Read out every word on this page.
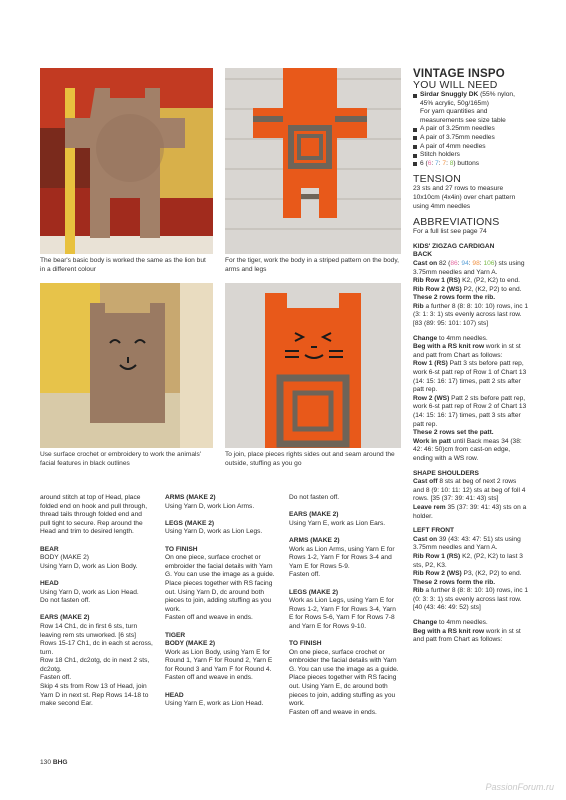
The bear's basic body is worked the same as the lion but in a different colour
For the tiger, work the body in a striped pattern on the body, arms and legs
Use surface crochet or embroidery to work the animals' facial features in black outlines
To join, place pieces rights sides out and seam around the outside, stuffing as you go

around stitch at top of Head, place folded end on hook and pull through, thread tails through folded end and pull tight to secure. Rep around the Head and trim to desired length.

BEAR
BODY (MAKE 2)

Using Yarn D, work as Lion Body.

HEAD
Using Yarn D, work as Lion Head.

Do not fasten off.

EARS (MAKE 2)
Row 14 Ch1, dc in first 6 sts, turn leaving rem sts unworked. [6 sts] Rows 15-17 Ch1, dc in each st across, turn.
Row 18 Ch1, dc2otg, dc in next 2 sts, dc2otg.
Fasten off.
Skip 4 sts from Row 13 of Head, join Yarn D in next st. Rep Rows 14-18 to make second Ear.
ARMS (MAKE 2)

Using Yarn D, work Lion Arms.

LEGS (MAKE 2)

Using Yarn D, work as Lion Legs.

TO FINISH
On one piece, surface crochet or embroider the facial details with Yarn G. You can use the image as a guide.
Place pieces together with RS facing out. Using Yarn D, dc around both pieces to join, adding stuffing as you work.

Fasten off and weave in ends.

TIGER
BODY (MAKE 2)
Work as Lion Body, using Yarn E for Round 1, Yarn F for Round 2, Yarn E for Round 3 and Yarn F for Round 4.

Fasten off and weave in ends.

HEAD
Using Yarn E, work as Lion Head.

Do not fasten off.

EARS (MAKE 2)

Using Yarn E, work as Lion Ears.

ARMS (MAKE 2)
Work as Lion Arms, using Yarn E for Rows 1-2, Yarn F for Rows 3-4 and Yarn E for Rows 5-9.

Fasten off.

LEGS (MAKE 2)

Work as Lion Legs, using Yarn E for Rows 1-2, Yarn F for Rows 3-4, Yarn E for Rows 5-6, Yarn F for Rows 7-8 and Yarn E for Rows 9-10.

TO FINISH
On one piece, surface crochet or embroider the facial details with Yarn G. You can use the image as a guide.
Place pieces together with RS facing out. Using Yarn E, dc around both pieces to join, adding stuffing as you work.
Fasten off and weave in ends.
VINTAGE INSPO
YOU WILL NEED
Sirdar Snuggly DK (55% nylon, 45% acrylic, 50g/165m)
For yarn quantities and measurements see size table
A pair of 3.25mm needles
A pair of 3.75mm needles
A pair of 4mm needles
Stitch holders
6 (6: 7: 7: 8) buttons
TENSION

23 sts and 27 rows to measure 10x10cm (4x4in) over chart pattern using 4mm needles

ABBREVIATIONS

For a full list see page 74

KIDS' ZIGZAG CARDIGAN

BACK

Cast on 82 (86: 94: 98: 106) sts using 3.75mm needles and Yarn A.

Rib Row 1 (RS) K2, (P2, K2) to end.

Rib Row 2 (WS) P2, (K2, P2) to end.

These 2 rows form the rib.

Rib a further 8 (8: 8: 10: 10) rows, inc 1 (3: 1: 3: 1) sts evenly across last row. [83 (89: 95: 101: 107) sts]

Change to 4mm needles.

Beg with a RS knit row work in st st and patt from Chart as follows:

Row 1 (RS) Patt 3 sts before patt rep, work 6-st patt rep of Row 1 of Chart 13 (14: 15: 16: 17) times, patt 2 sts after patt rep.

Row 2 (WS) Patt 2 sts before patt rep, work 6-st patt rep of Row 2 of Chart 13 (14: 15: 16: 17) times, patt 3 sts after patt rep.

These 2 rows set the patt.

Work in patt until Back meas 34 (38: 42: 46: 50)cm from cast-on edge, ending with a WS row.

SHAPE SHOULDERS

Cast off 8 sts at beg of next 2 rows and 8 (9: 10: 11: 12) sts at beg of foll 4 rows. [35 (37: 39: 41: 43) sts]

Leave rem 35 (37: 39: 41: 43) sts on a holder.

LEFT FRONT

Cast on 39 (43: 43: 47: 51) sts using 3.75mm needles and Yarn A.

Rib Row 1 (RS) K2, (P2, K2) to last 3 sts, P2, K3.

Rib Row 2 (WS) P3, (K2, P2) to end.

These 2 rows form the rib.

Rib a further 8 (8: 8: 10: 10) rows, inc 1 (0: 3: 3: 1) sts evenly across last row. [40 (43: 46: 49: 52) sts]

Change to 4mm needles.

Beg with a RS knit row work in st st and patt from Chart as follows:

130 BHG
PassionForum.ru
